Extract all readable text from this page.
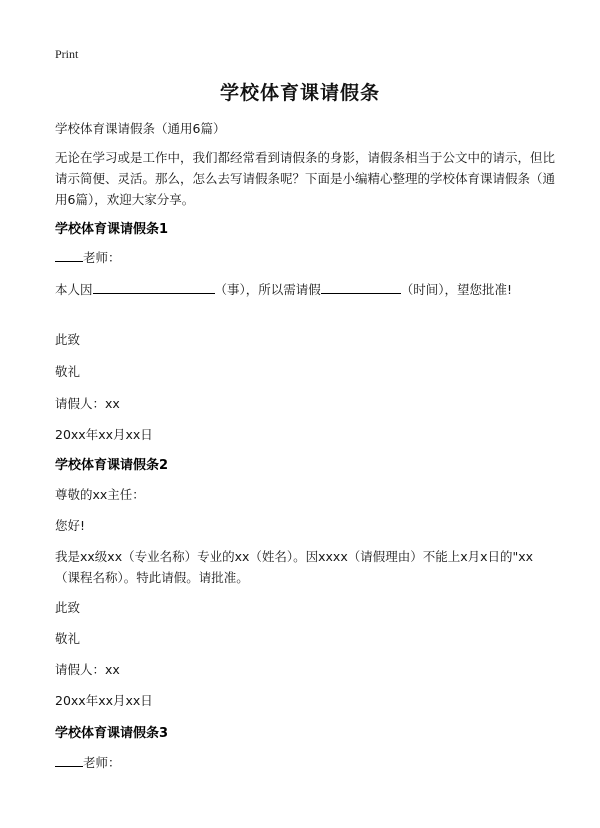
Print
学校体育课请假条
学校体育课请假条（通用6篇）
无论在学习或是工作中，我们都经常看到请假条的身影，请假条相当于公文中的请示，但比请示简便、灵活。那么，怎么去写请假条呢？下面是小编精心整理的学校体育课请假条（通用6篇），欢迎大家分享。
学校体育课请假条1
老师：
本人因	（事），所以需请假	（时间），望您批准!
此致
敬礼
请假人：xx
20xx年xx月xx日
学校体育课请假条2
尊敬的xx主任：
您好!
我是xx级xx（专业名称）专业的xx（姓名）。因xxxx（请假理由）不能上x月x日的"xx（课程名称）。特此请假。请批准。
此致
敬礼
请假人：xx
20xx年xx月xx日
学校体育课请假条3
老师：
